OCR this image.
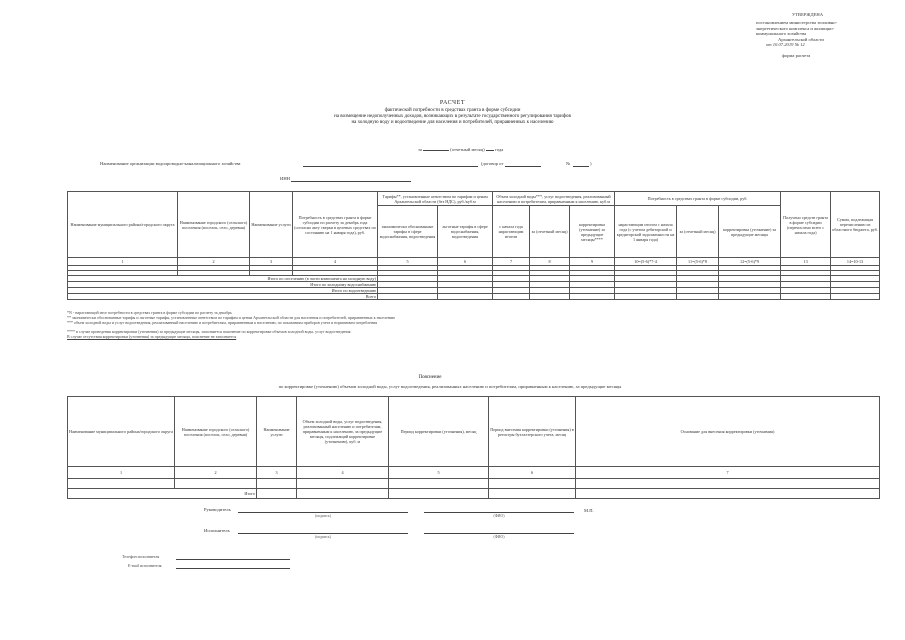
УТВЕРЖДЕНА
постановлением министерства топливно-
энергетического комплекса и жилищно-
коммунального хозяйства
Архангельской области
от 10.07.2019 № 12
форма расчета
РАСЧЕТ
фактической потребности в средствах гранта в форме субсидии
на возмещение недополученных доходов, возникающих в результате государственного регулирования тарифов
на холодную воду и водоотведение для населения и потребителей, приравненных к населению
за	(отчетный месяц) года
Наименование организации водопроводно-канализационного хозяйства	(договор от	№	)
ИНН
Наименование муниципального района/городского округа	Наименование городского (сельского) поселения (поселок, село, деревня)	Наименование услуги	Потребность в средствах гранта в форме субсидии по расчету за декабрь года (согласно акту сверки в целевых средствах по состоянию на 1 января года), руб.	Тарифы**, установленные агентством по тарифам и ценам Архангельской области (без НДС), руб./куб.м		Объем холодной воды***, услуг водоотведения, реализованный населению и потребителям, приравненным к населению, куб.м			Потребность в средствах гранта в форме субсидии, руб.			Получено средств гранта в форме субсидии (перечислено всего с начала года)	Сумма, подлежащая перечислению из областного бюджета, руб.
				экономически обоснованные тарифы в сфере водоснабжения, водоотведения	льготные тарифы в сфере водоснабжения, водоотведения	с начала года нарастающим итогом	за (отчетный месяц)	корректировка (уточнение) за предыдущие месяцы****	нарастающим итогом с начала года (с учетом дебиторской и кредиторской задолженности на 1 января года)	за (отчетный месяц)	корректировка (уточнение) за предыдущие месяцы		
1	2	3	4	5	6	7	8	9	10=(5-6)*7-4	11=(5-6)*8	12=(5-6)*9	13	14=10-13

Итого по поселению (в части компонента на холодную воду)													
Итого по холодному водоснабжению													
Итого по водоотведению													
Всего													
*N - нарастающий итог потребности в средствах гранта в форме субсидии по расчету за декабрь
** экономически обоснованные тарифы и льготные тарифы, установленные агентством по тарифам и ценам Архангельской области для населения и потребителей, приравненных к населению
*** объем холодной воды и услуг водоотведения, реализованный населению и потребителям, приравненным к населению, по показаниям приборов учета и нормативам потребления
**** в случае проведения корректировки (уточнения) за предыдущие месяцы, заполняется пояснение по корректировке объемов холодной воды, услуг водоотведения
В случае отсутствия корректировки (уточнения) за предыдущие месяцы, пояснение не заполняется
Пояснение
по корректировке (уточнению) объемов холодной воды, услуг водоотведения, реализованных населению и потребителям, приравненным к населению, за предыдущие месяцы
Наименование муниципального района/городского округа	Наименование городского (сельского) поселения (поселок, село, деревня)	Наименование услуги	Объем холодной воды, услуг водоотведения, реализованный населению и потребителям, приравненным к населению, за предыдущие месяцы, подлежащий корректировке (уточнению), куб. м	Период корректировки (уточнения), месяц	Период внесения корректировки (уточнения) в регистры бухгалтерского учета, месяц	Основание для внесения корректировки (уточнения)
1	2	3	4	5	6	7

Итого						
Руководитель
(подпись)	(ФИО)
М.П.
Исполнитель
(подпись)	(ФИО)
Телефон исполнителя
E-mail исполнителя
